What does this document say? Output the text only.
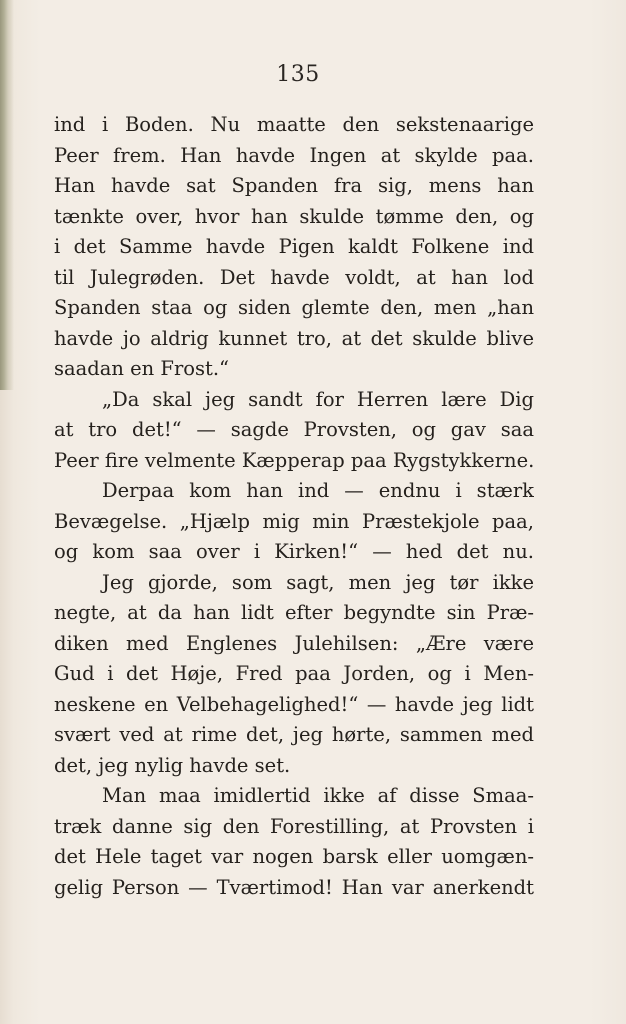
135
ind i Boden. Nu maatte den sekstenaarige
Peer frem. Han havde Ingen at skylde paa.
Han havde sat Spanden fra sig, mens han
tænkte over, hvor han skulde tømme den, og
i det Samme havde Pigen kaldt Folkene ind
til Julegrøden. Det havde voldt, at han lod
Spanden staa og siden glemte den, men „han
havde jo aldrig kunnet tro, at det skulde blive
saadan en Frost.“
„Da skal jeg sandt for Herren lære Dig
at tro det!“ — sagde Provsten, og gav saa
Peer fire velmente Kæpperap paa Rygstykkerne.
Derpaa kom han ind — endnu i stærk
Bevægelse. „Hjælp mig min Præstekjole paa,
og kom saa over i Kirken!“ — hed det nu.
Jeg gjorde, som sagt, men jeg tør ikke
negte, at da han lidt efter begyndte sin Præ-
diken med Englenes Julehilsen: „Ære være
Gud i det Høje, Fred paa Jorden, og i Men-
neskene en Velbehagelighed!“ — havde jeg lidt
svært ved at rime det, jeg hørte, sammen med
det, jeg nylig havde set.
Man maa imidlertid ikke af disse Smaa-
træk danne sig den Forestilling, at Provsten i
det Hele taget var nogen barsk eller uomgæn-
gelig Person — Tværtimod! Han var anerkendt
